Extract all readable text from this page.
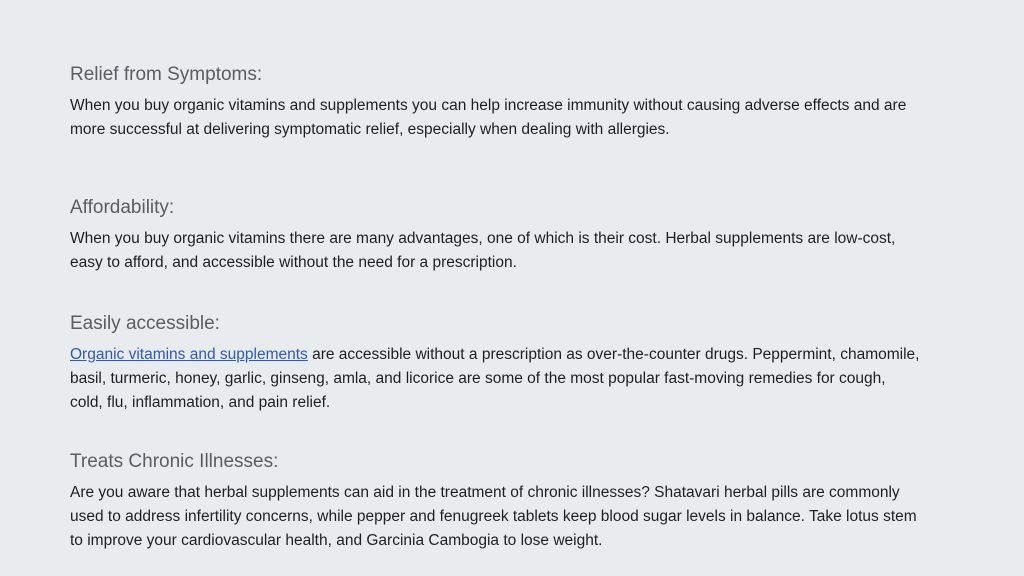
Relief from Symptoms:

When you buy organic vitamins and supplements you can help increase immunity without causing adverse effects and are more successful at delivering symptomatic relief, especially when dealing with allergies.

Affordability:

When you buy organic vitamins there are many advantages, one of which is their cost. Herbal supplements are low-cost, easy to afford, and accessible without the need for a prescription.

Easily accessible:

Organic vitamins and supplements are accessible without a prescription as over-the-counter drugs. Peppermint, chamomile, basil, turmeric, honey, garlic, ginseng, amla, and licorice are some of the most popular fast-moving remedies for cough, cold, flu, inflammation, and pain relief.

Treats Chronic Illnesses:

Are you aware that herbal supplements can aid in the treatment of chronic illnesses? Shatavari herbal pills are commonly used to address infertility concerns, while pepper and fenugreek tablets keep blood sugar levels in balance. Take lotus stem to improve your cardiovascular health, and Garcinia Cambogia to lose weight.
